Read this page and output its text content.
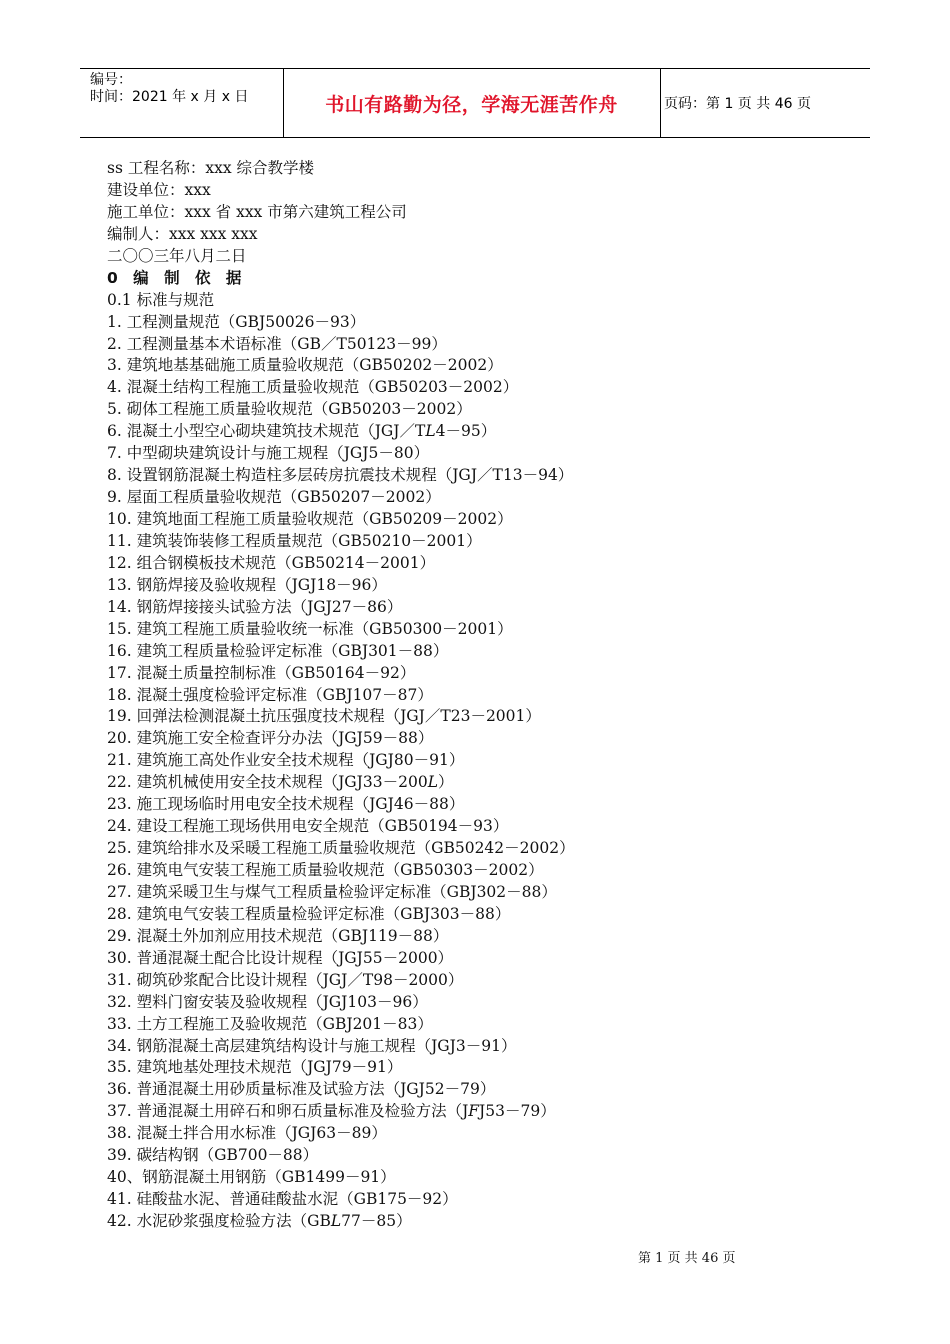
编号：
时间：2021 年 x 月 x 日	书山有路勤为径，学海无涯苦作舟	页码：第 1 页 共 46 页
ss 工程名称：xxx 综合教学楼
建设单位：xxx
施工单位：xxx 省 xxx 市第六建筑工程公司
编制人：xxx xxx xxx
二〇〇三年八月二日
0 编 制 依 据
0.1 标准与规范
1. 工程测量规范（GBJ50026－93）
2. 工程测量基本术语标准（GB／T50123－99）
3. 建筑地基基础施工质量验收规范（GB50202－2002）
4. 混凝土结构工程施工质量验收规范（GB50203－2002）
5. 砌体工程施工质量验收规范（GB50203－2002）
6. 混凝土小型空心砌块建筑技术规范（JGJ／T𝐿4－95）
7. 中型砌块建筑设计与施工规程（JGJ5－80）
8. 设置钢筋混凝土构造柱多层砖房抗震技术规程（JGJ／T13－94）
9. 屋面工程质量验收规范（GB50207－2002）
10. 建筑地面工程施工质量验收规范（GB50209－2002）
11. 建筑装饰装修工程质量规范（GB50210－2001）
12. 组合钢模板技术规范（GB50214－2001）
13. 钢筋焊接及验收规程（JGJ18－96）
14. 钢筋焊接接头试验方法（JGJ27－86）
15. 建筑工程施工质量验收统一标准（GB50300－2001）
16. 建筑工程质量检验评定标准（GBJ301－88）
17. 混凝土质量控制标准（GB50164－92）
18. 混凝土强度检验评定标准（GBJ107－87）
19. 回弹法检测混凝土抗压强度技术规程（JGJ／T23－2001）
20. 建筑施工安全检查评分办法（JGJ59－88）
21. 建筑施工高处作业安全技术规程（JGJ80－91）
22. 建筑机械使用安全技术规程（JGJ33－200𝐿）
23. 施工现场临时用电安全技术规程（JGJ46－88）
24. 建设工程施工现场供用电安全规范（GB50194－93）
25. 建筑给排水及采暖工程施工质量验收规范（GB50242－2002）
26. 建筑电气安装工程施工质量验收规范（GB50303－2002）
27. 建筑采暖卫生与煤气工程质量检验评定标准（GBJ302－88）
28. 建筑电气安装工程质量检验评定标准（GBJ303－88）
29. 混凝土外加剂应用技术规范（GBJ119－88）
30. 普通混凝土配合比设计规程（JGJ55－2000）
31. 砌筑砂浆配合比设计规程（JGJ／T98－2000）
32. 塑料门窗安装及验收规程（JGJ103－96）
33. 土方工程施工及验收规范（GBJ201－83）
34. 钢筋混凝土高层建筑结构设计与施工规程（JGJ3－91）
35. 建筑地基处理技术规范（JGJ79－91）
36. 普通混凝土用砂质量标准及试验方法（JGJ52－79）
37. 普通混凝土用碎石和卵石质量标准及检验方法（J𝐹J53－79）
38. 混凝土拌合用水标准（JGJ63－89）
39. 碳结构钢（GB700－88）
40、钢筋混凝土用钢筋（GB1499－91）
41. 硅酸盐水泥、普通硅酸盐水泥（GB175－92）
42. 水泥砂浆强度检验方法（GB𝐿77－85）
第 1 页 共 46 页
